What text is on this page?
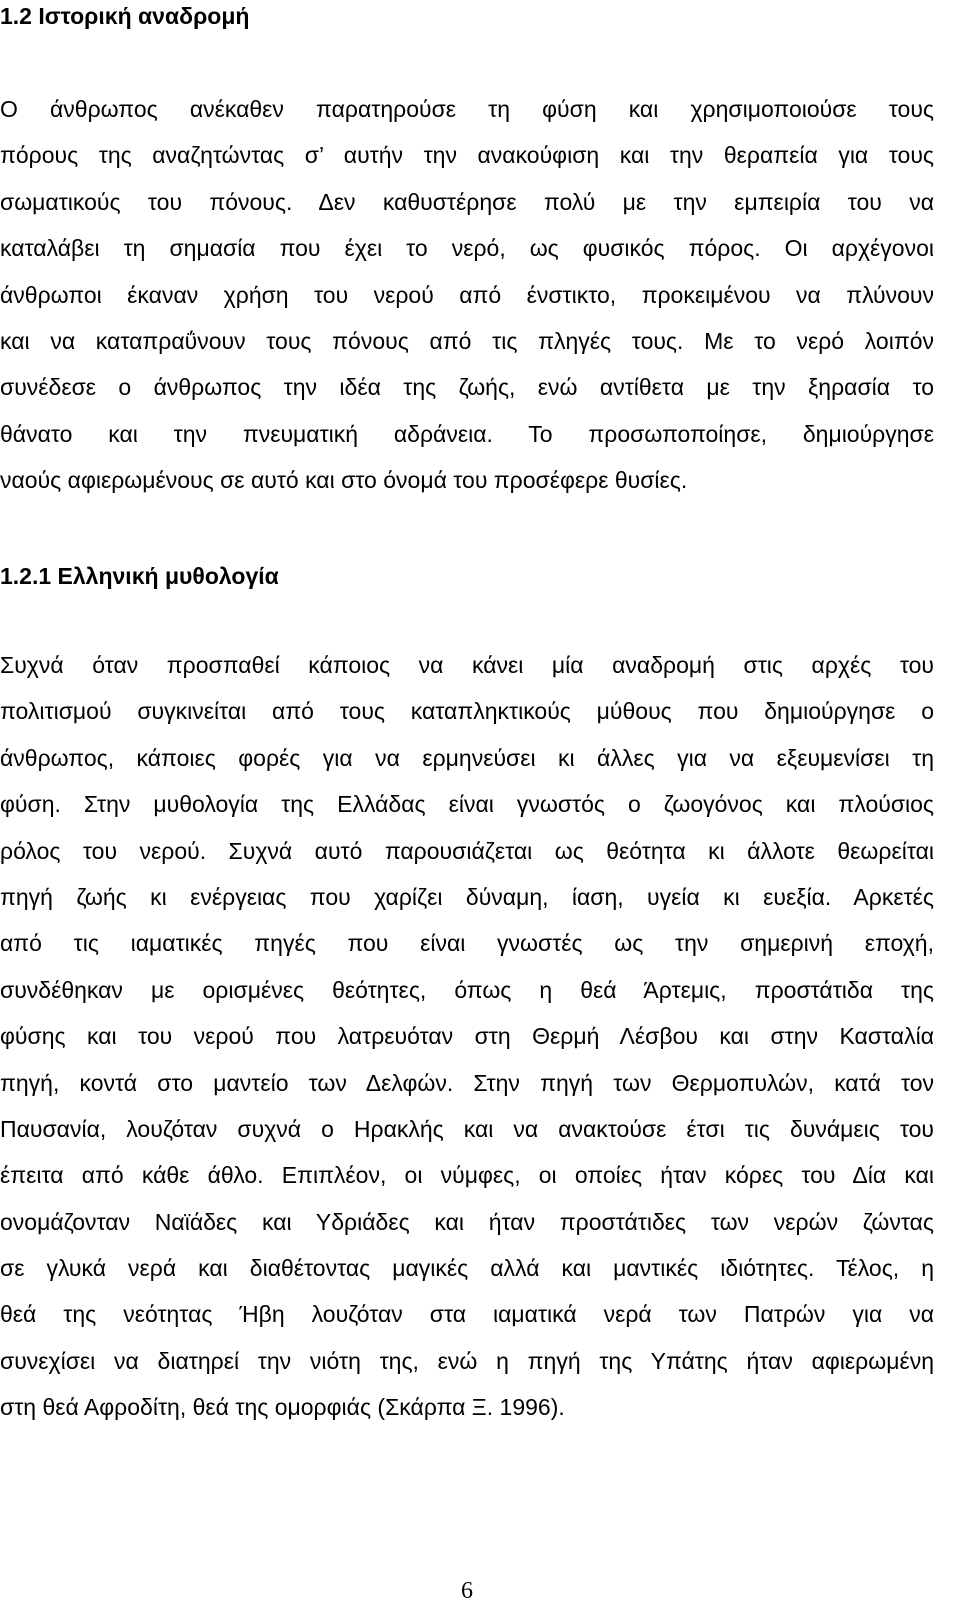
1.2 Ιστορική αναδρομή
Ο άνθρωπος ανέκαθεν παρατηρούσε τη φύση και χρησιμοποιούσε τους
πόρους της αναζητώντας σ’ αυτήν την ανακούφιση και την θεραπεία για τους
σωματικούς του πόνους. Δεν καθυστέρησε πολύ με την εμπειρία του να
καταλάβει τη σημασία που έχει το νερό, ως φυσικός πόρος. Οι αρχέγονοι
άνθρωποι έκαναν χρήση του νερού από ένστικτο, προκειμένου να πλύνουν
και να καταπραΰνουν τους πόνους από τις πληγές τους. Με το νερό λοιπόν
συνέδεσε ο άνθρωπος την ιδέα της ζωής, ενώ αντίθετα με την ξηρασία το
θάνατο και την πνευματική αδράνεια. Το προσωποποίησε, δημιούργησε
ναούς αφιερωμένους σε αυτό και στο όνομά του προσέφερε θυσίες.
1.2.1 Ελληνική μυθολογία
Συχνά όταν προσπαθεί κάποιος να κάνει μία αναδρομή στις αρχές του
πολιτισμού συγκινείται από τους καταπληκτικούς μύθους που δημιούργησε ο
άνθρωπος, κάποιες φορές για να ερμηνεύσει κι άλλες για να εξευμενίσει τη
φύση. Στην μυθολογία της Ελλάδας είναι γνωστός ο ζωογόνος και πλούσιος
ρόλος του νερού. Συχνά αυτό παρουσιάζεται ως θεότητα κι άλλοτε θεωρείται
πηγή ζωής κι ενέργειας που χαρίζει δύναμη, ίαση, υγεία κι ευεξία. Αρκετές
από τις ιαματικές πηγές που είναι γνωστές ως την σημερινή εποχή,
συνδέθηκαν με ορισμένες θεότητες, όπως η θεά Άρτεμις, προστάτιδα της
φύσης και του νερού που λατρευόταν στη Θερμή Λέσβου και στην Κασταλία
πηγή, κοντά στο μαντείο των Δελφών. Στην πηγή των Θερμοπυλών, κατά τον
Παυσανία, λουζόταν συχνά ο Ηρακλής και να ανακτούσε έτσι τις δυνάμεις του
έπειτα από κάθε άθλο. Επιπλέον, οι νύμφες, οι οποίες ήταν κόρες του Δία και
ονομάζονταν Ναϊάδες και Υδριάδες και ήταν προστάτιδες των νερών ζώντας
σε γλυκά νερά και διαθέτοντας μαγικές αλλά και μαντικές ιδιότητες. Τέλος, η
θεά της νεότητας Ήβη λουζόταν στα ιαματικά νερά των Πατρών για να
συνεχίσει να διατηρεί την νιότη της, ενώ η πηγή της Υπάτης ήταν αφιερωμένη
στη θεά Αφροδίτη, θεά της ομορφιάς (Σκάρπα Ξ. 1996).
6
